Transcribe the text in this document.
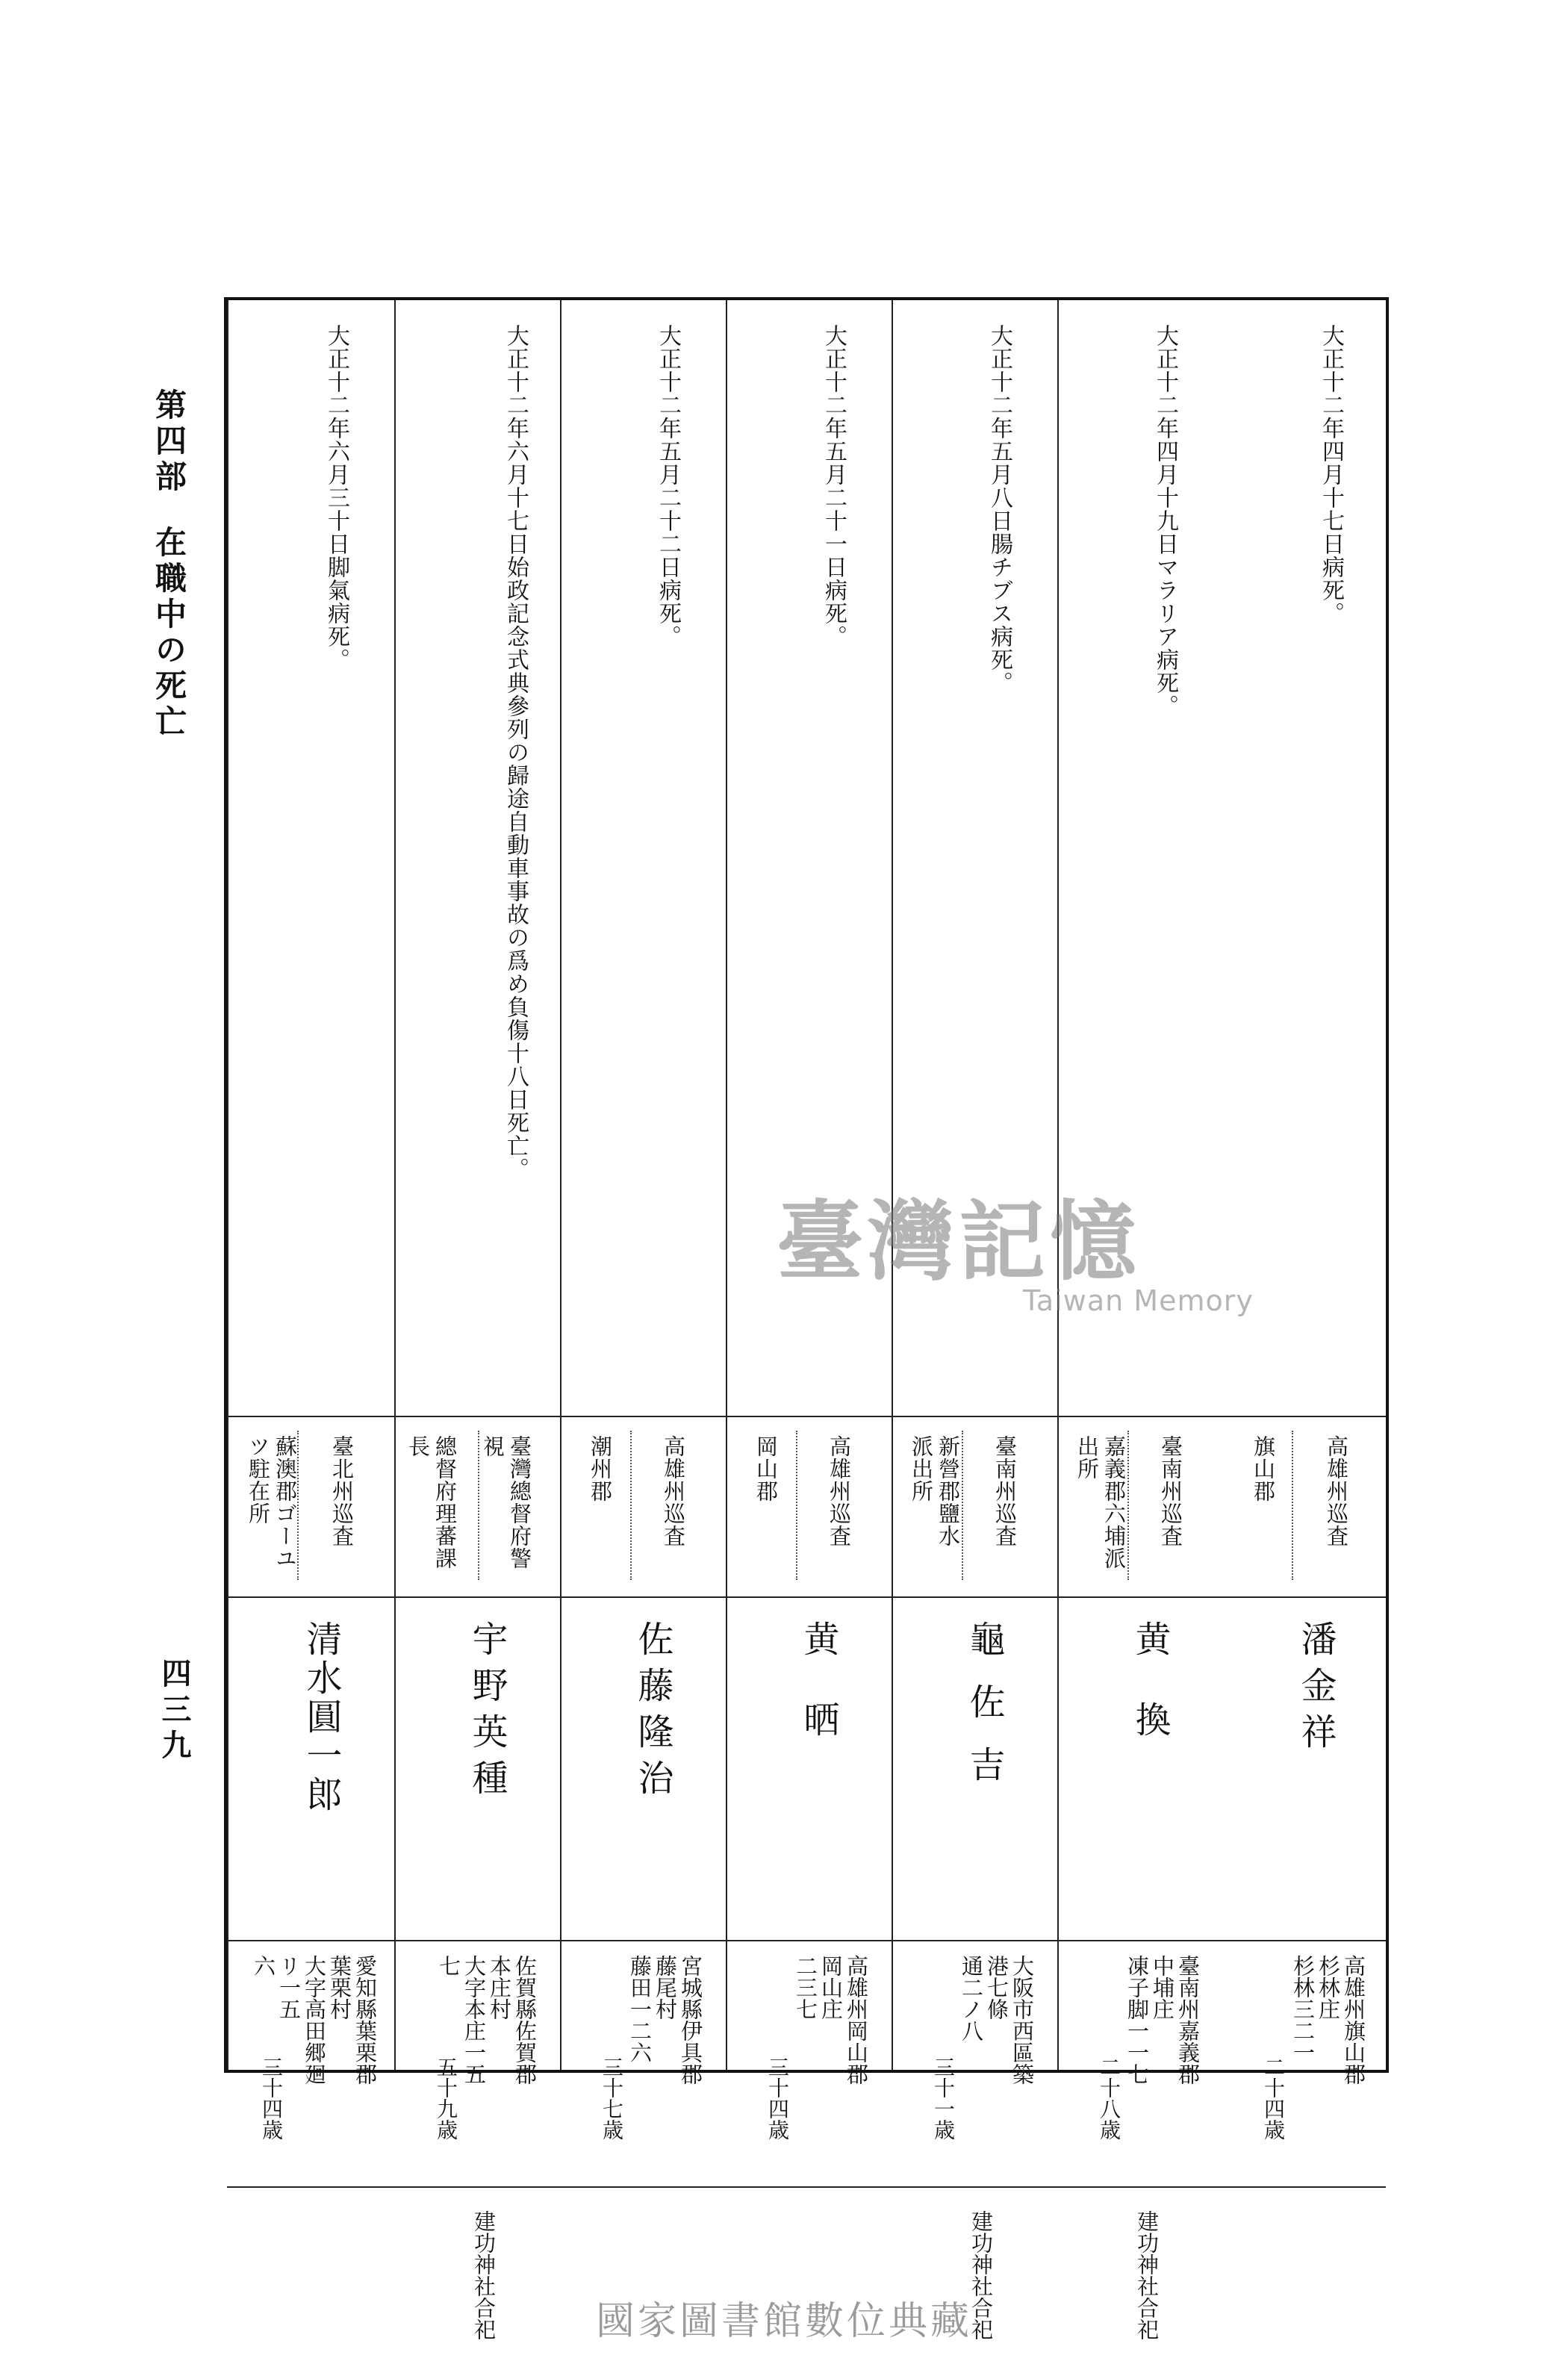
第四部在職中の死亡
四三九
大正十二年四月十七日病死。
高雄州巡査
旗山郡
潘金祥
高雄州旗山郡杉林庄
杉林三二一
二十四歳
大正十二年四月十九日マラリア病死。
臺南州巡査
嘉義郡六埔派
出所
黄換
臺南州嘉義郡中埔庄
凍子脚一一七
二十八歳
建功神社合祀
大正十二年五月八日腸チブス病死。
臺南州巡査
新營郡鹽水
派出所
龜佐吉
大阪市西區築港七條
通二ノ八
三十一歳
建功神社合祀
大正十二年五月二十一日病死。
高雄州巡査
岡山郡
黄晒
高雄州岡山郡岡山庄
二三七
三十四歳
大正十二年五月二十二日病死。
高雄州巡査
潮州郡
佐藤隆治
宮城縣伊具郡藤尾村
藤田一二六
三十七歳
大正十二年六月十七日始政記念式典參列の歸途自動車事故の爲め負傷十八日死亡。
臺灣總督府警
視
總督府理蕃課
長
宇野英種
佐賀縣佐賀郡本庄村
大字本庄一五七
五十九歳
建功神社合祀
大正十二年六月三十日脚氣病死。
臺北州巡査
蘇澳郡ゴーユ
ツ駐在所
清水圓一郎
愛知縣葉栗郡葉栗村
大字高田郷廻リ一五
六
三十四歳
臺灣記憶
Taiwan Memory
國家圖書館數位典藏
